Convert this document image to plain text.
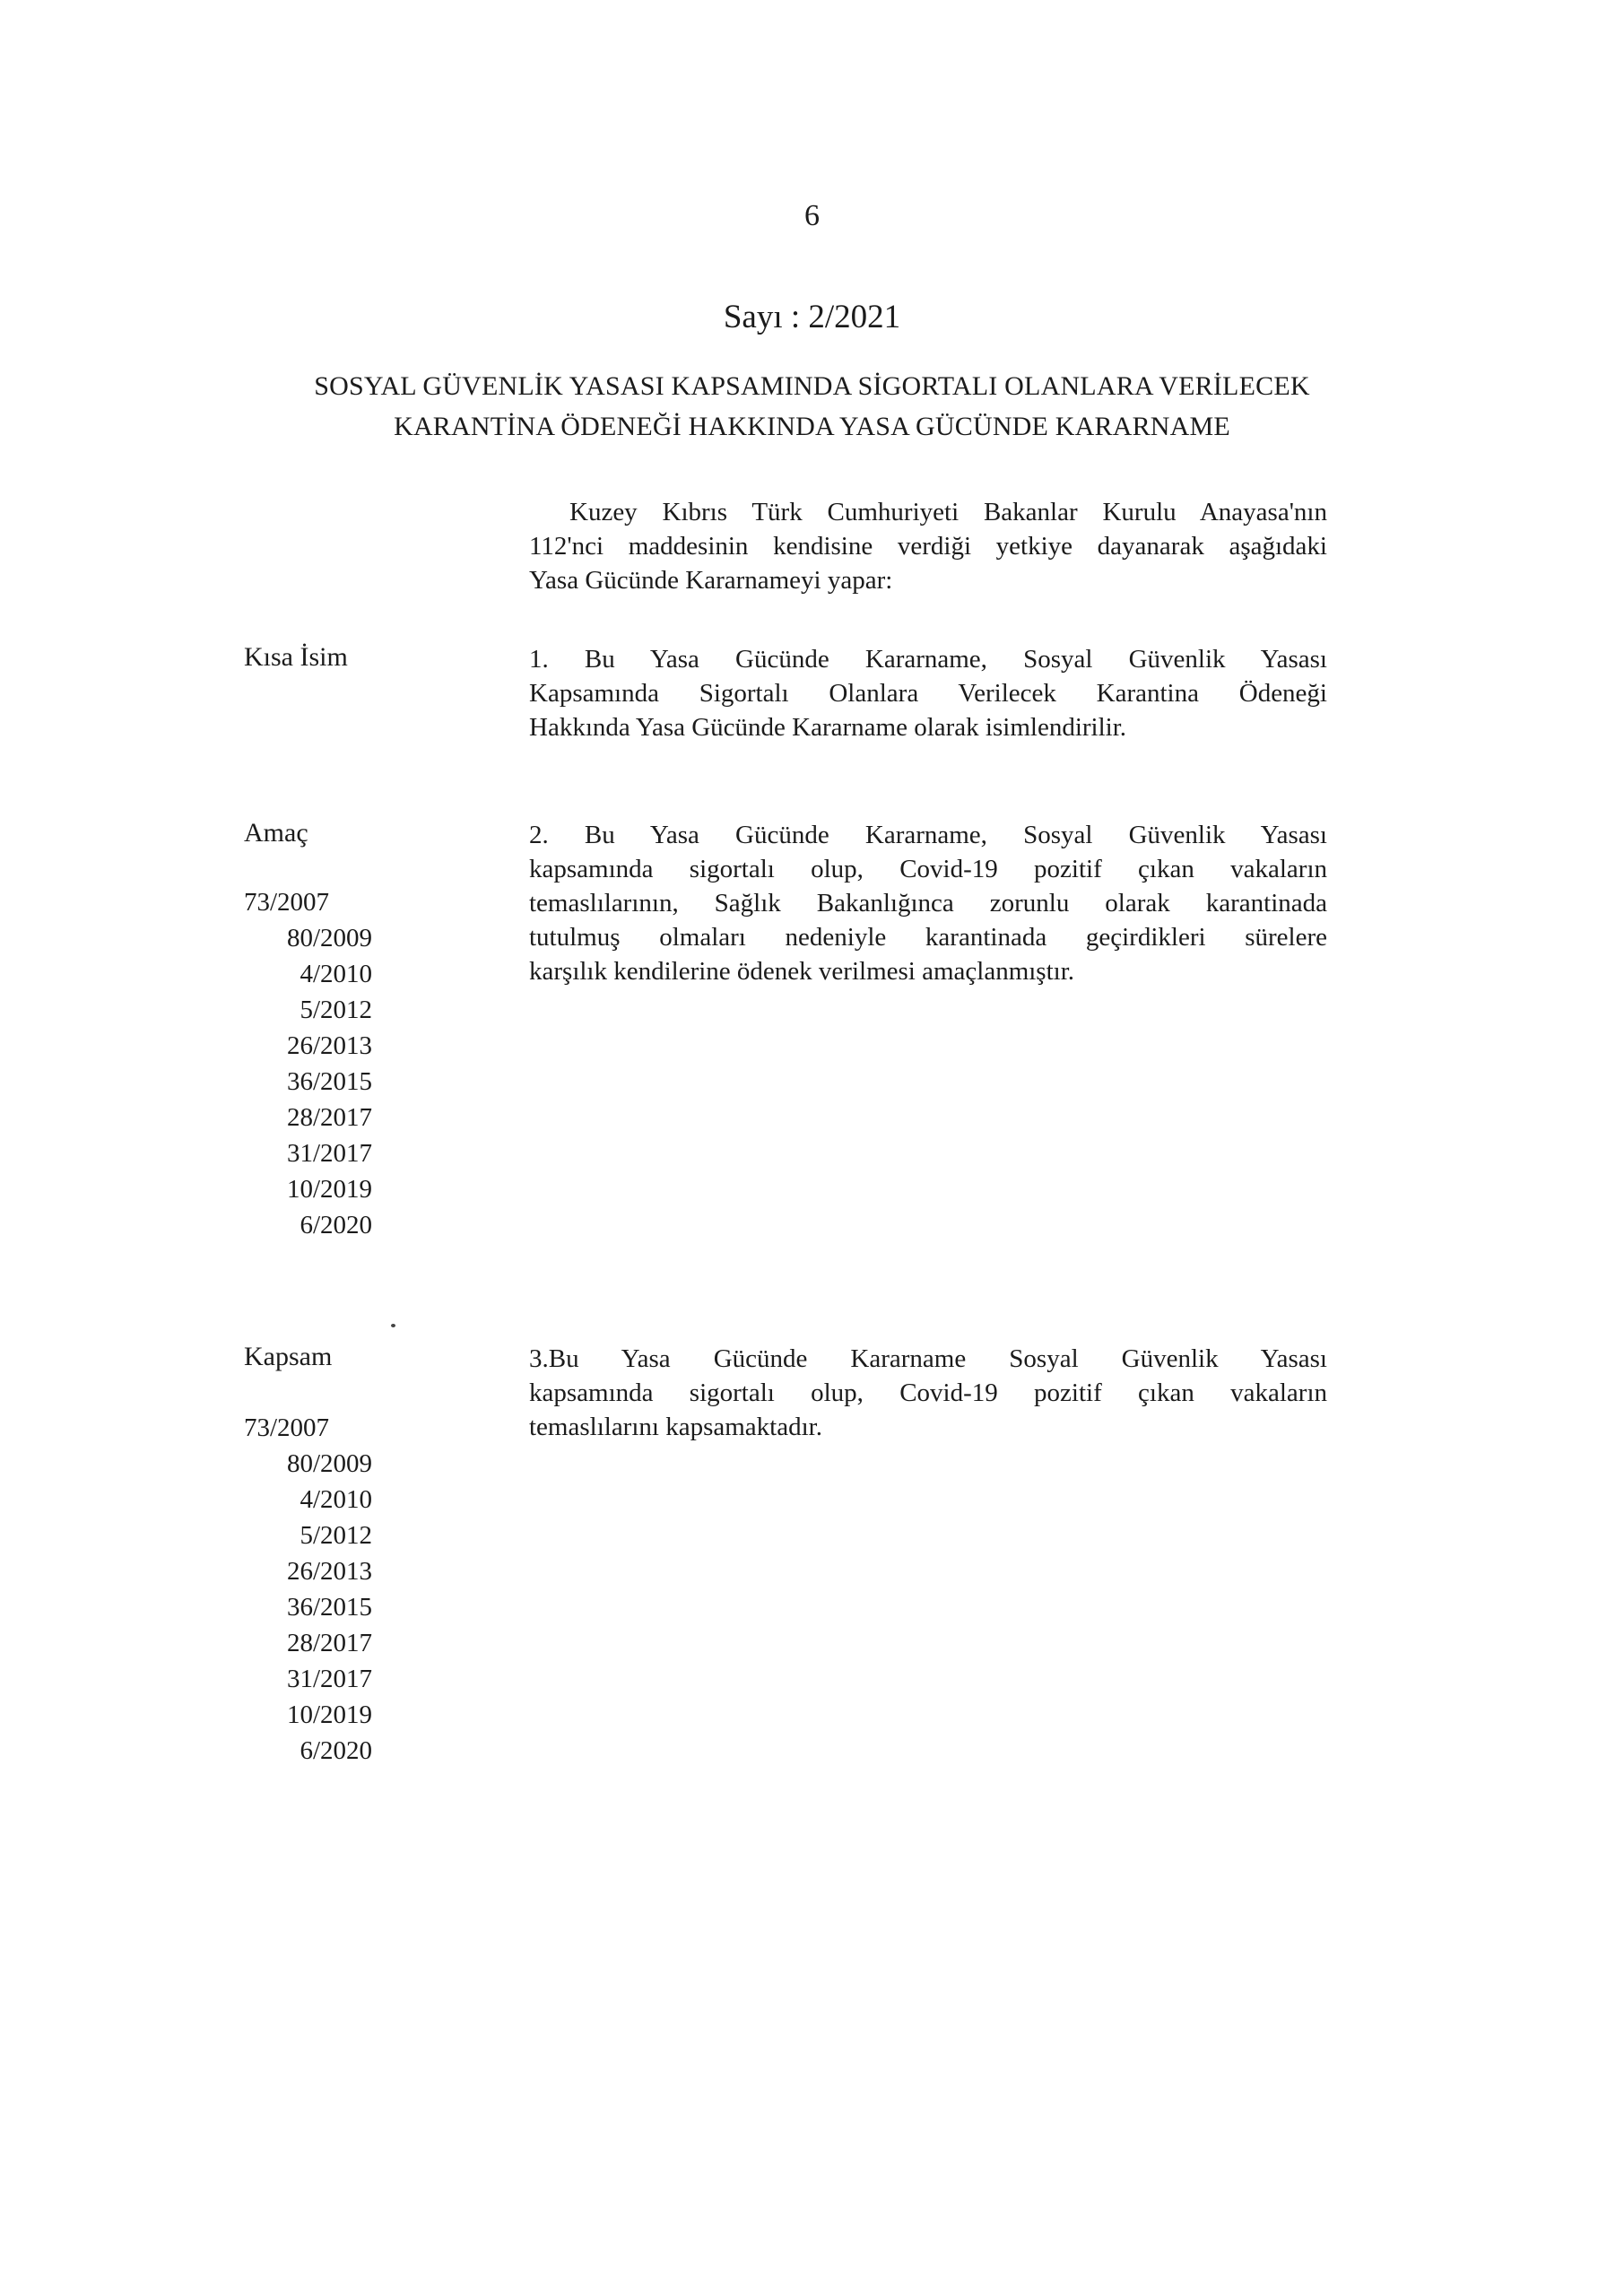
6
Sayı : 2/2021
SOSYAL GÜVENLİK YASASI KAPSAMINDA SİGORTALI OLANLARA VERİLECEK
KARANTİNA ÖDENEĞİ HAKKINDA YASA GÜCÜNDE KARARNAME
Kuzey Kıbrıs Türk Cumhuriyeti Bakanlar Kurulu Anayasa'nın
112'nci maddesinin kendisine verdiği yetkiye dayanarak aşağıdaki
Yasa Gücünde Kararnameyi yapar:
Kısa İsim	1. Bu Yasa Gücünde Kararname, Sosyal Güvenlik Yasası
Kapsamında Sigortalı Olanlara Verilecek Karantina Ödeneği
Hakkında Yasa Gücünde Kararname olarak isimlendirilir.
Amaç
73/2007
80/2009
4/2010
5/2012
26/2013
36/2015
28/2017
31/2017
10/2019
6/2020
2. Bu Yasa Gücünde Kararname, Sosyal Güvenlik Yasası
kapsamında sigortalı olup, Covid-19 pozitif çıkan vakaların
temaslılarının, Sağlık Bakanlığınca zorunlu olarak karantinada
tutulmuş olmaları nedeniyle karantinada geçirdikleri sürelere
karşılık kendilerine ödenek verilmesi amaçlanmıştır.
Kapsam
73/2007
80/2009
4/2010
5/2012
26/2013
36/2015
28/2017
31/2017
10/2019
6/2020
3.Bu Yasa Gücünde Kararname Sosyal Güvenlik Yasası
kapsamında sigortalı olup, Covid-19 pozitif çıkan vakaların
temaslılarını kapsamaktadır.
